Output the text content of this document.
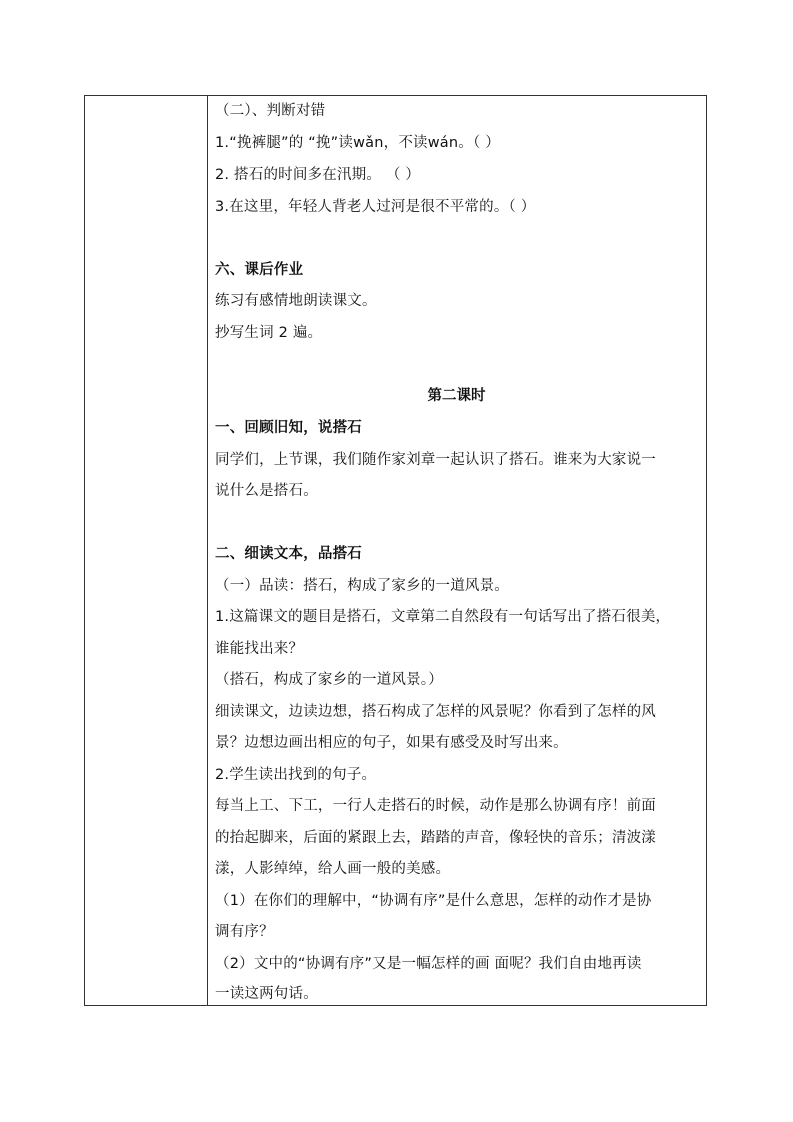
（二）、判断对错
1.“挽裤腿”的 “挽”读wǎn，不读wán。（ ）
2. 搭石的时间多在汛期。 （ ）
3.在这里，年轻人背老人过河是很不平常的。（ ）
六、课后作业
练习有感情地朗读课文。
抄写生词 2 遍。
第二课时
一、回顾旧知，说搭石
同学们，上节课，我们随作家刘章一起认识了搭石。谁来为大家说一
说什么是搭石。
二、细读文本，品搭石
（一）品读：搭石，构成了家乡的一道风景。
1.这篇课文的题目是搭石，文章第二自然段有一句话写出了搭石很美，
谁能找出来？
（搭石，构成了家乡的一道风景。）
细读课文，边读边想，搭石构成了怎样的风景呢？你看到了怎样的风
景？边想边画出相应的句子，如果有感受及时写出来。
2.学生读出找到的句子。
每当上工、下工，一行人走搭石的时候，动作是那么协调有序！前面
的抬起脚来，后面的紧跟上去，踏踏的声音，像轻快的音乐；清波漾
漾，人影绰绰，给人画一般的美感。
（1）在你们的理解中，“协调有序”是什么意思，怎样的动作才是协
调有序？
（2）文中的“协调有序”又是一幅怎样的画 面呢？我们自由地再读
一读这两句话。
